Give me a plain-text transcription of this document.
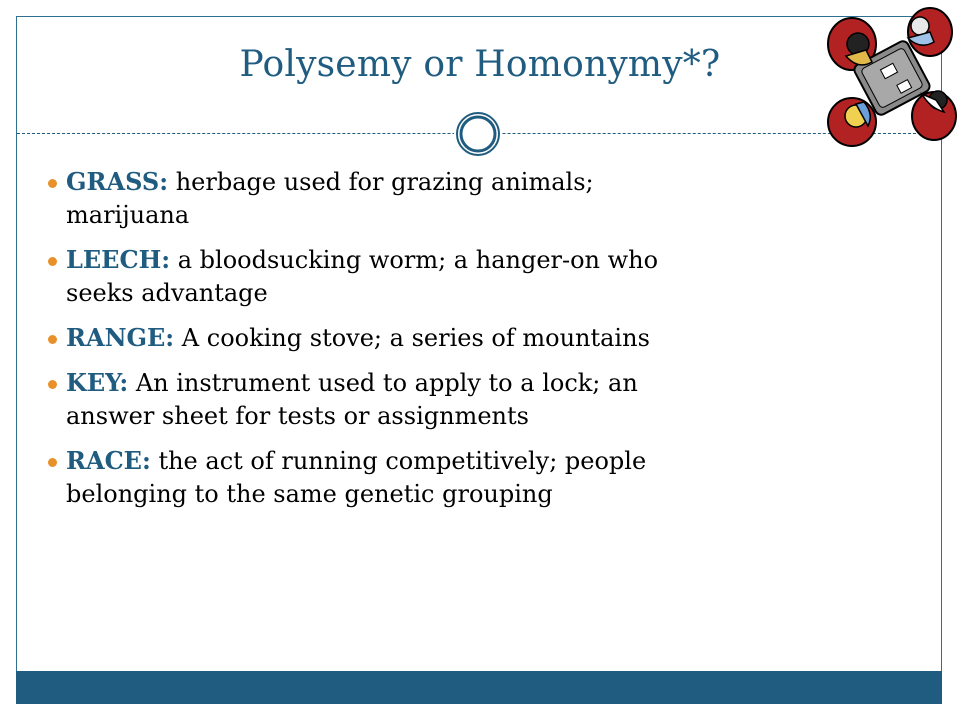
Polysemy or Homonymy*?
GRASS: herbage used for grazing animals; marijuana
LEECH: a bloodsucking worm; a hanger-on who seeks advantage
RANGE: A cooking stove; a series of mountains
KEY: An instrument used to apply to a lock; an answer sheet for tests or assignments
RACE: the act of running competitively; people belonging to the same genetic grouping
